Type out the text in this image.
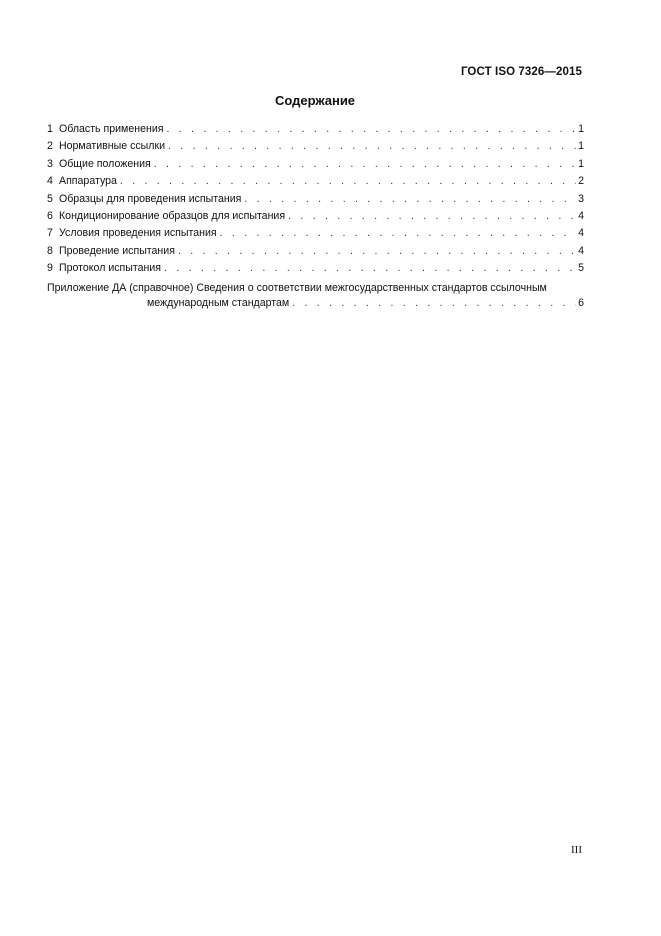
ГОСТ ISO 7326—2015
Содержание
1 Область применения . . .	1
2 Нормативные ссылки . . .	1
3 Общие положения . . .	1
4 Аппаратура . . .	2
5 Образцы для проведения испытания . . .	3
6 Кондиционирование образцов для испытания . . .	4
7 Условия проведения испытания . . .	4
8 Проведение испытания . . .	4
9 Протокол испытания . . .	5
Приложение ДА (справочное) Сведения о соответствии межгосударственных стандартов ссылочным
международным стандартам . . .	6
III
